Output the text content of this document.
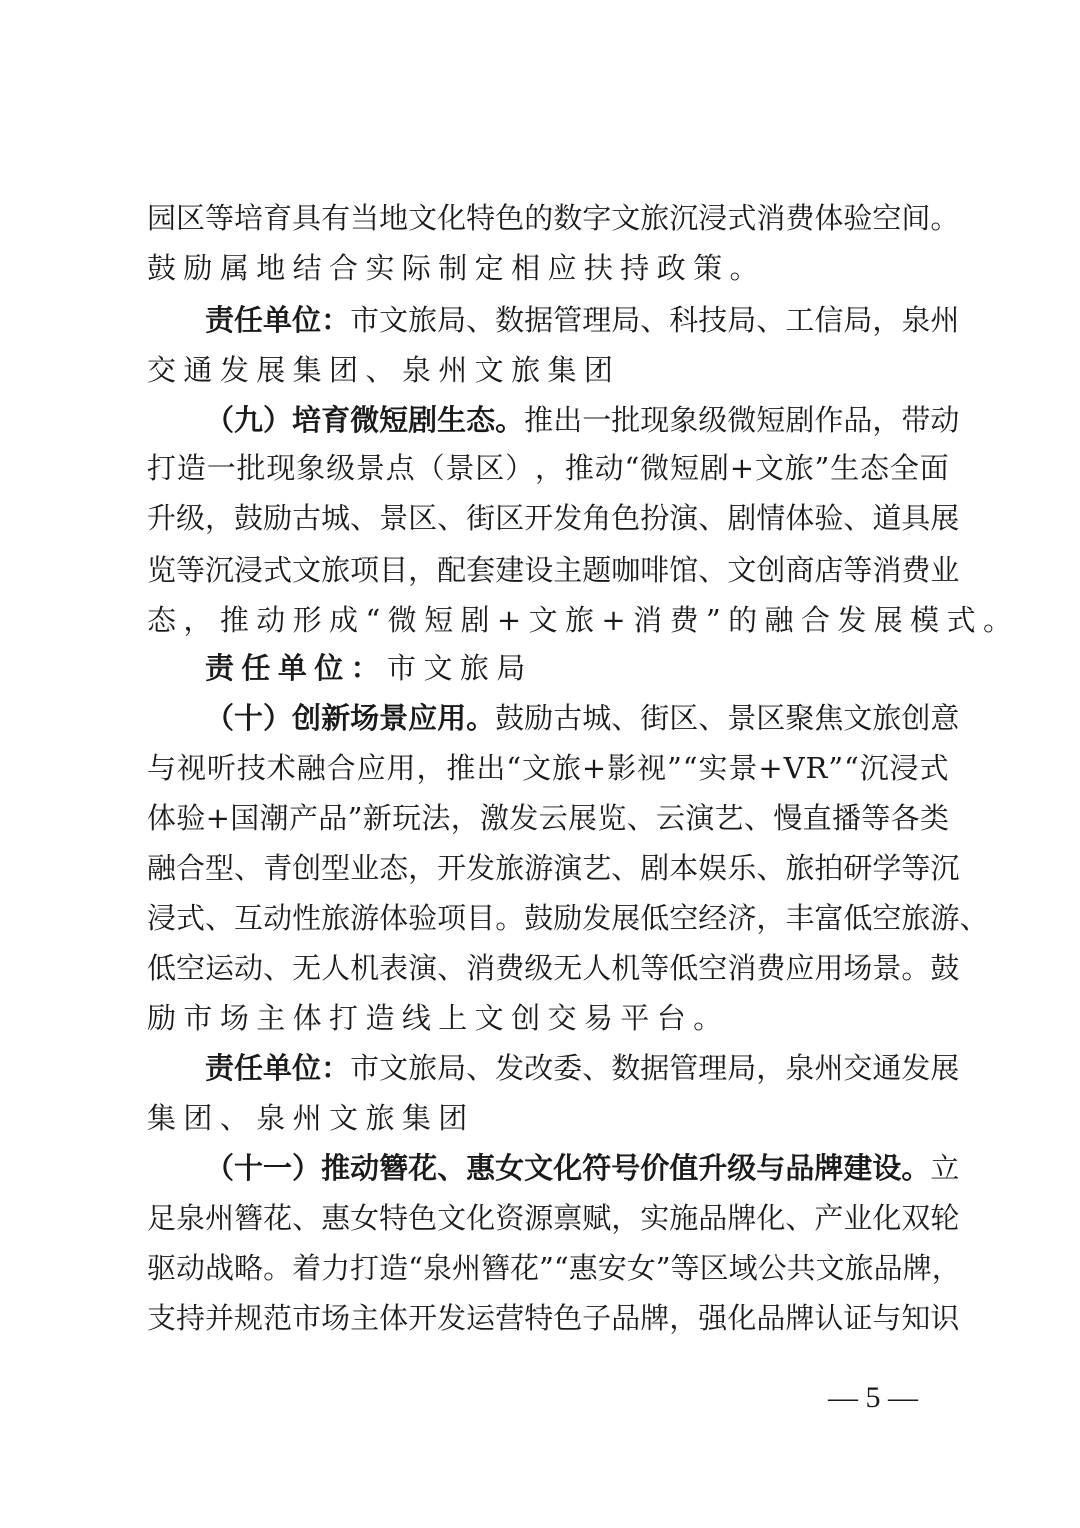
园 区 等 培 育 具 有 当 地 文 化 特 色 的 数 字 文 旅 沉 浸 式 消 费 体 验 空 间 。
鼓 励 属 地 结 合 实 际 制 定 相 应 扶 持 政 策 。
责 任 单 位 ： 市 文 旅 局 、 数 据 管 理 局 、 科 技 局 、 工 信 局 ， 泉 州
交 通 发 展 集 团 、 泉 州 文 旅 集 团
（ 九 ） 培 育 微 短 剧 生 态 。 推 出 一 批 现 象 级 微 短 剧 作 品 ， 带 动
打 造 一 批 现 象 级 景 点 （ 景 区 ） ， 推 动 “ 微 短 剧 + 文 旅 ” 生 态 全 面
升 级 ， 鼓 励 古 城 、 景 区 、 街 区 开 发 角 色 扮 演 、 剧 情 体 验 、 道 具 展
览 等 沉 浸 式 文 旅 项 目 ， 配 套 建 设 主 题 咖 啡 馆 、 文 创 商 店 等 消 费 业
态 ， 推 动 形 成 “ 微 短 剧 + 文 旅 + 消 费 ” 的 融 合 发 展 模 式 。
责 任 单 位 ： 市 文 旅 局
（ 十 ） 创 新 场 景 应 用 。 鼓 励 古 城 、 街 区 、 景 区 聚 焦 文 旅 创 意
与 视 听 技 术 融 合 应 用 ， 推 出 “ 文 旅 + 影 视 ” “ 实 景 + V R ” “ 沉 浸 式
体 验 + 国 潮 产 品 ” 新 玩 法 ， 激 发 云 展 览 、 云 演 艺 、 慢 直 播 等 各 类
融 合 型 、 青 创 型 业 态 ， 开 发 旅 游 演 艺 、 剧 本 娱 乐 、 旅 拍 研 学 等 沉
浸 式 、 互 动 性 旅 游 体 验 项 目 。 鼓 励 发 展 低 空 经 济 ， 丰 富 低 空 旅 游 、
低 空 运 动 、 无 人 机 表 演 、 消 费 级 无 人 机 等 低 空 消 费 应 用 场 景 。 鼓
励 市 场 主 体 打 造 线 上 文 创 交 易 平 台 。
责 任 单 位 ： 市 文 旅 局 、 发 改 委 、 数 据 管 理 局 ， 泉 州 交 通 发 展
集 团 、 泉 州 文 旅 集 团
（ 十 一 ） 推 动 簪 花 、 惠 女 文 化 符 号 价 值 升 级 与 品 牌 建 设 。 立
足 泉 州 簪 花 、 惠 女 特 色 文 化 资 源 禀 赋 ， 实 施 品 牌 化 、 产 业 化 双 轮
驱 动 战 略 。 着 力 打 造 “ 泉 州 簪 花 ” “ 惠 安 女 ” 等 区 域 公 共 文 旅 品 牌 ，
支 持 并 规 范 市 场 主 体 开 发 运 营 特 色 子 品 牌 ， 强 化 品 牌 认 证 与 知 识
— 5 —
